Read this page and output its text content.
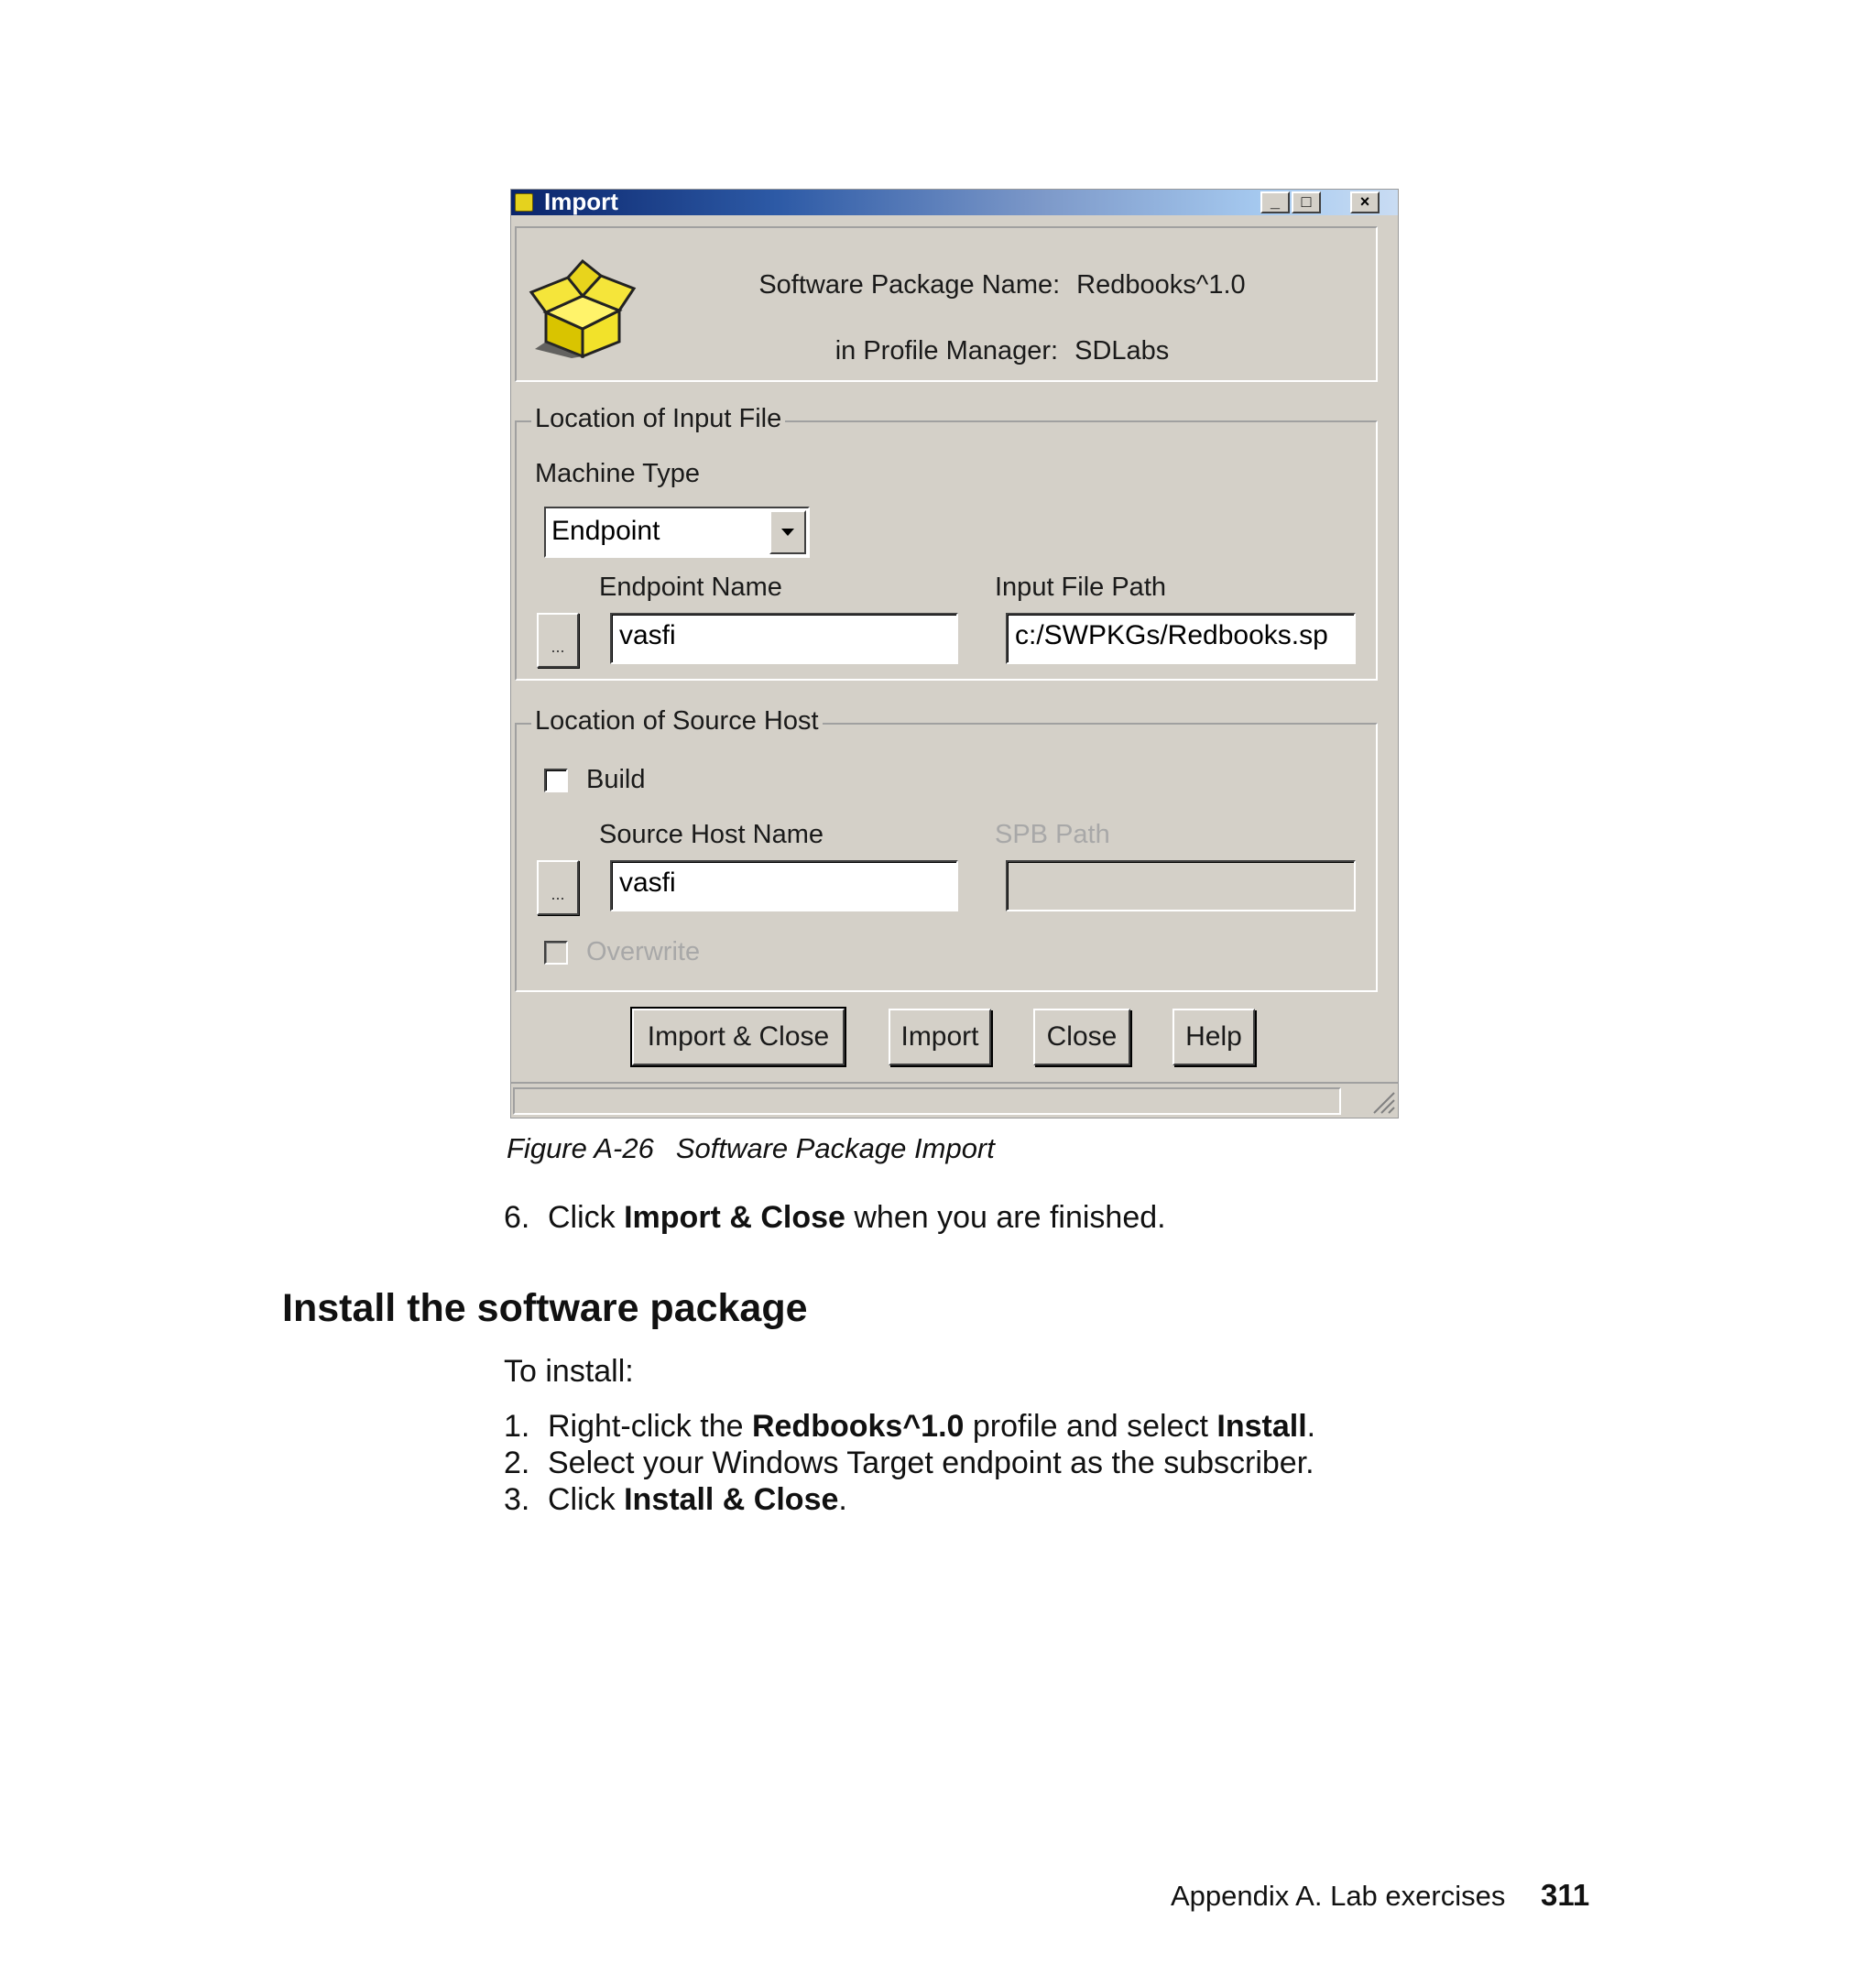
Import	_	□	×
Software Package Name: Redbooks^1.0
in Profile Manager: SDLabs
Location of Input File
Machine Type
Endpoint
Endpoint Name	Input File Path
...	vasfi	c:/SWPKGs/Redbooks.sp
Location of Source Host
Build
Source Host Name	SPB Path
...	vasfi
Overwrite
Import & Close	Import	Close	Help
Figure A-26 Software Package Import
6. Click Import & Close when you are finished.
Install the software package
To install:
1. Right-click the Redbooks^1.0 profile and select Install.
2. Select your Windows Target endpoint as the subscriber.
3. Click Install & Close.
Appendix A. Lab exercises 311
